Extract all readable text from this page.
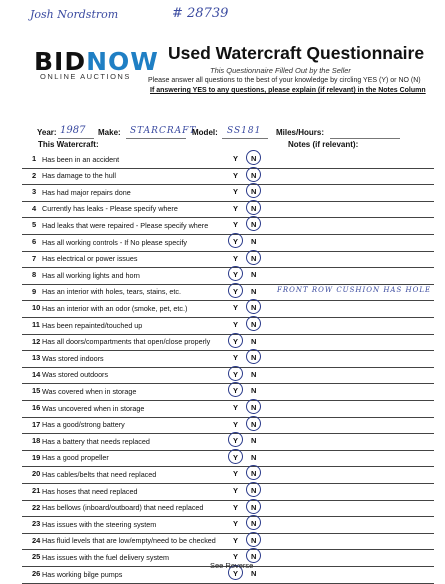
Josh Nordstrom	# 28739
BIDNOW
ONLINE AUCTIONS
Used Watercraft Questionnaire
This Questionnaire Filled Out by the Seller
Please answer all questions to the best of your knowledge by circling YES (Y) or NO (N)
If answering YES to any questions, please explain (if relevant) in the Notes Column
Year: 1987 Make: STARCRAFT
Model: SS181 Miles/Hours:
This Watercraft:	Notes (if relevant):
1 Has been in an accident	Y N
2 Has damage to the hull	Y N
3 Has had major repairs done	Y N
4 Currently has leaks - Please specify where	Y N
5 Had leaks that were repaired - Please specify where	Y N
6 Has all working controls - If No please specify	Y N
7 Has electrical or power issues	Y N
8 Has all working lights and horn	Y N
9 Has an interior with holes, tears, stains, etc.	Y N	FRONT ROW CUSHION HAS HOLE
10 Has an interior with an odor (smoke, pet, etc.)	Y N
11 Has been repainted/touched up	Y N
12 Has all doors/compartments that open/close properly	Y N
13 Was stored indoors	Y N
14 Was stored outdoors	Y N
15 Was covered when in storage	Y N
16 Was uncovered when in storage	Y N
17 Has a good/strong battery	Y N
18 Has a battery that needs replaced	Y N
19 Has a good propeller	Y N
20 Has cables/belts that need replaced	Y N
21 Has hoses that need replaced	Y N
22 Has bellows (inboard/outboard) that need replaced	Y N
23 Has issues with the steering system	Y N
24 Has fluid levels that are low/empty/need to be checked Y N
25 Has issues with the fuel delivery system	Y N
26 Has working bilge pumps	Y N
See Reverse
